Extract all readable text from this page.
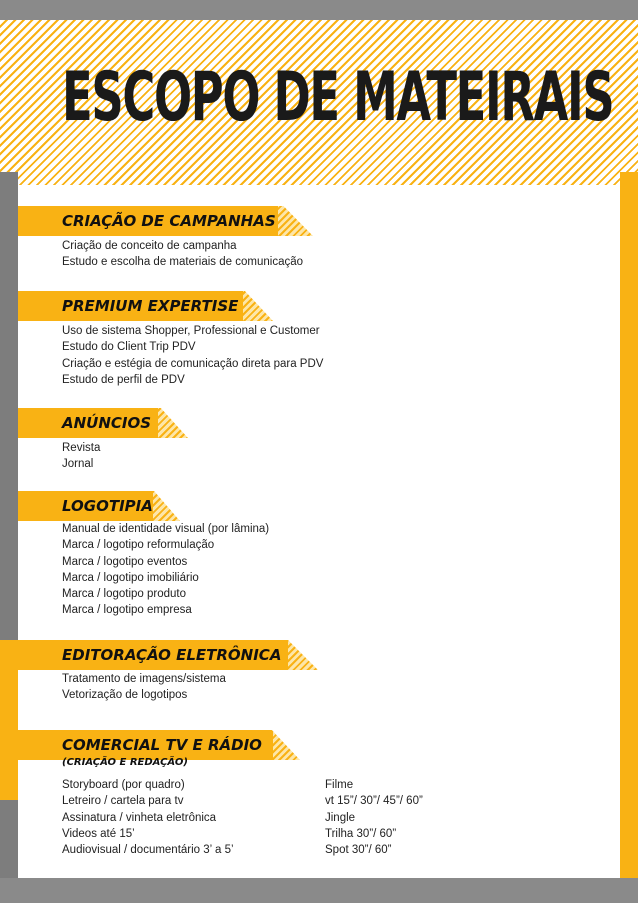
ESCOPO DE MATEIRAIS

CRIAÇÃO DE CAMPANHAS

Criação de conceito de campanha
Estudo e escolha de materiais de comunicação

PREMIUM EXPERTISE

Uso de sistema Shopper, Professional e Customer
Estudo do Client Trip PDV
Criação e estégia de comunicação direta para PDV
Estudo de perfil de PDV

ANÚNCIOS

Revista
Jornal

LOGOTIPIA

Manual de identidade visual (por lâmina)
Marca / logotipo reformulação
Marca / logotipo eventos
Marca / logotipo imobiliário
Marca / logotipo produto
Marca / logotipo empresa

EDITORAÇÃO ELETRÔNICA

Tratamento de imagens/sistema
Vetorização de logotipos

COMERCIAL TV E RÁDIO

(CRIAÇÃO E REDAÇÃO)

Storyboard (por quadro)
Letreiro / cartela para tv
Assinatura / vinheta eletrônica
Videos até 15’
Audiovisual / documentário 3’ a 5’
Filme
vt 15”/ 30”/ 45”/ 60”
Jingle
Trilha 30”/ 60”
Spot 30”/ 60”
